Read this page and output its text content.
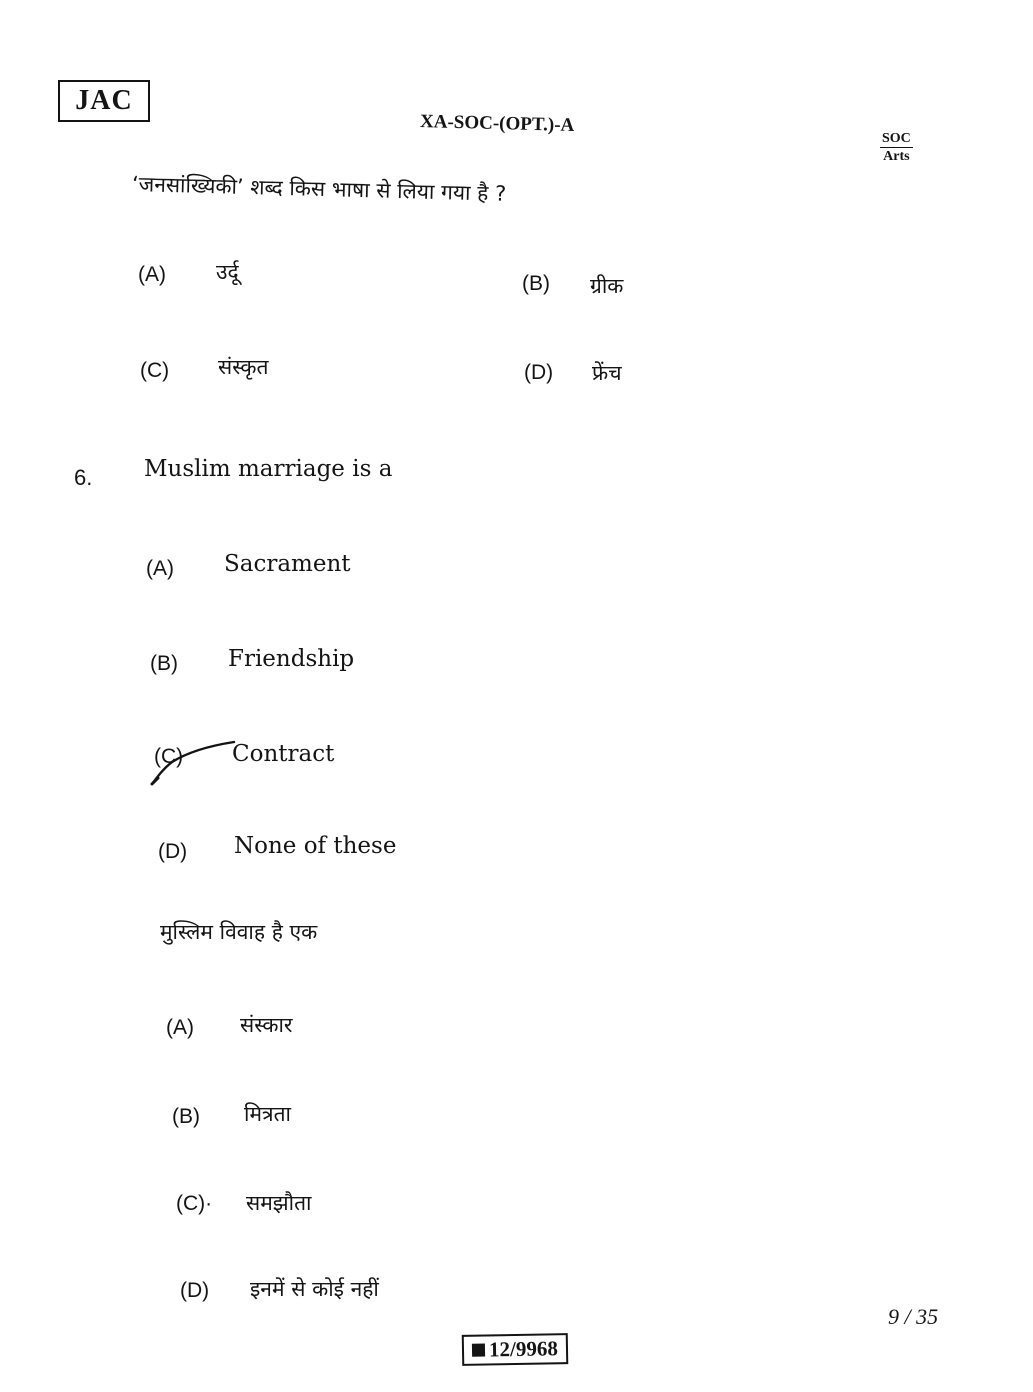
JAC
XA-SOC-(OPT.)-A
SOC
Arts
‘जनसांख्यिकी’ शब्द किस भाषा से लिया गया है ?
(A) उर्दू	(B) ग्रीक
(C) संस्कृत	(D) फ्रेंच
6. Muslim marriage is a
(A) Sacrament
(B) Friendship
(C) Contract
(D) None of these
मुस्लिम विवाह है एक
(A) संस्कार
(B) मित्रता
(C)· समझौता
(D) इनमें से कोई नहीं
9 / 35
12/9968
